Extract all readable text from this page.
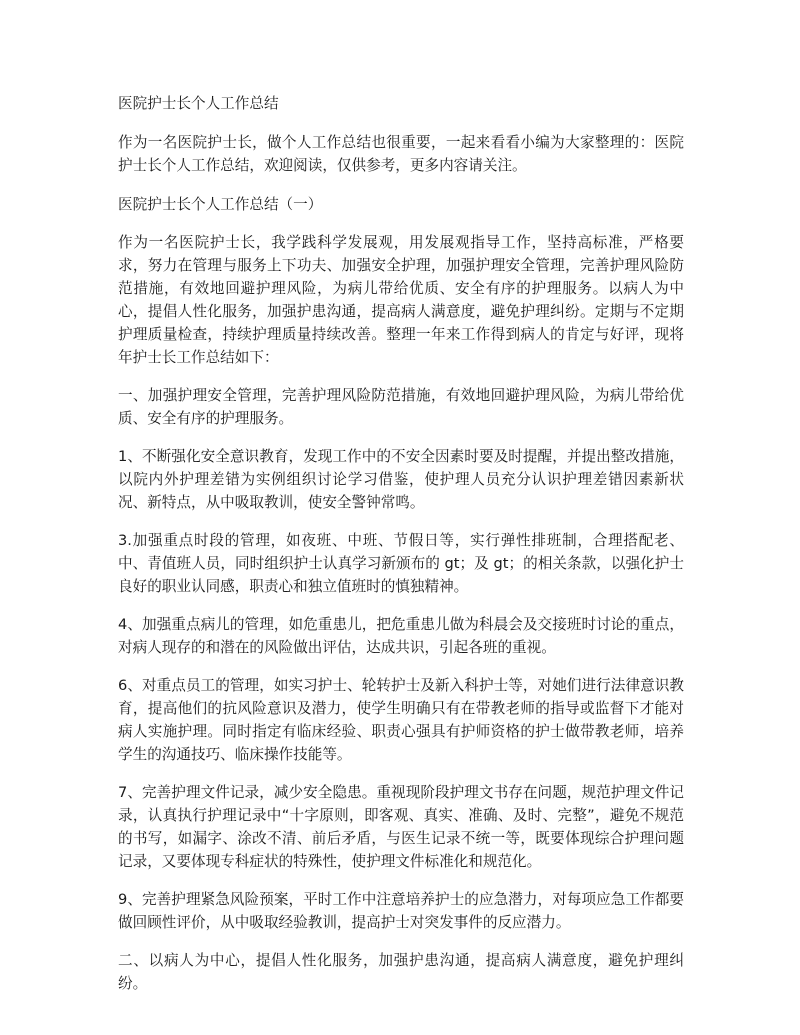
医院护士长个人工作总结

作为一名医院护士长，做个人工作总结也很重要，一起来看看小编为大家整理的：医院护士长个人工作总结，欢迎阅读，仅供参考，更多内容请关注。

医院护士长个人工作总结（一）

作为一名医院护士长，我学践科学发展观，用发展观指导工作，坚持高标准，严格要求，努力在管理与服务上下功夫、加强安全护理，加强护理安全管理，完善护理风险防范措施，有效地回避护理风险，为病儿带给优质、安全有序的护理服务。以病人为中心，提倡人性化服务，加强护患沟通，提高病人满意度，避免护理纠纷。定期与不定期护理质量检查，持续护理质量持续改善。整理一年来工作得到病人的肯定与好评，现将年护士长工作总结如下：

一、加强护理安全管理，完善护理风险防范措施，有效地回避护理风险，为病儿带给优质、安全有序的护理服务。

1、不断强化安全意识教育，发现工作中的不安全因素时要及时提醒，并提出整改措施，以院内外护理差错为实例组织讨论学习借鉴，使护理人员充分认识护理差错因素新状况、新特点，从中吸取教训，使安全警钟常鸣。

3.加强重点时段的管理，如夜班、中班、节假日等，实行弹性排班制，合理搭配老、中、青值班人员，同时组织护士认真学习新颁布的 gt；及 gt；的相关条款，以强化护士良好的职业认同感，职责心和独立值班时的慎独精神。

4、加强重点病儿的管理，如危重患儿，把危重患儿做为科晨会及交接班时讨论的重点，对病人现存的和潜在的风险做出评估，达成共识，引起各班的重视。

6、对重点员工的管理，如实习护士、轮转护士及新入科护士等，对她们进行法律意识教育，提高他们的抗风险意识及潜力，使学生明确只有在带教老师的指导或监督下才能对病人实施护理。同时指定有临床经验、职责心强具有护师资格的护士做带教老师，培养学生的沟通技巧、临床操作技能等。

7、完善护理文件记录，减少安全隐患。重视现阶段护理文书存在问题，规范护理文件记录，认真执行护理记录中“十字原则，即客观、真实、准确、及时、完整”，避免不规范的书写，如漏字、涂改不清、前后矛盾，与医生记录不统一等，既要体现综合护理问题记录，又要体现专科症状的特殊性，使护理文件标准化和规范化。

9、完善护理紧急风险预案，平时工作中注意培养护士的应急潜力，对每项应急工作都要做回顾性评价，从中吸取经验教训，提高护士对突发事件的反应潜力。

二、以病人为中心，提倡人性化服务，加强护患沟通，提高病人满意度，避免护理纠纷。
